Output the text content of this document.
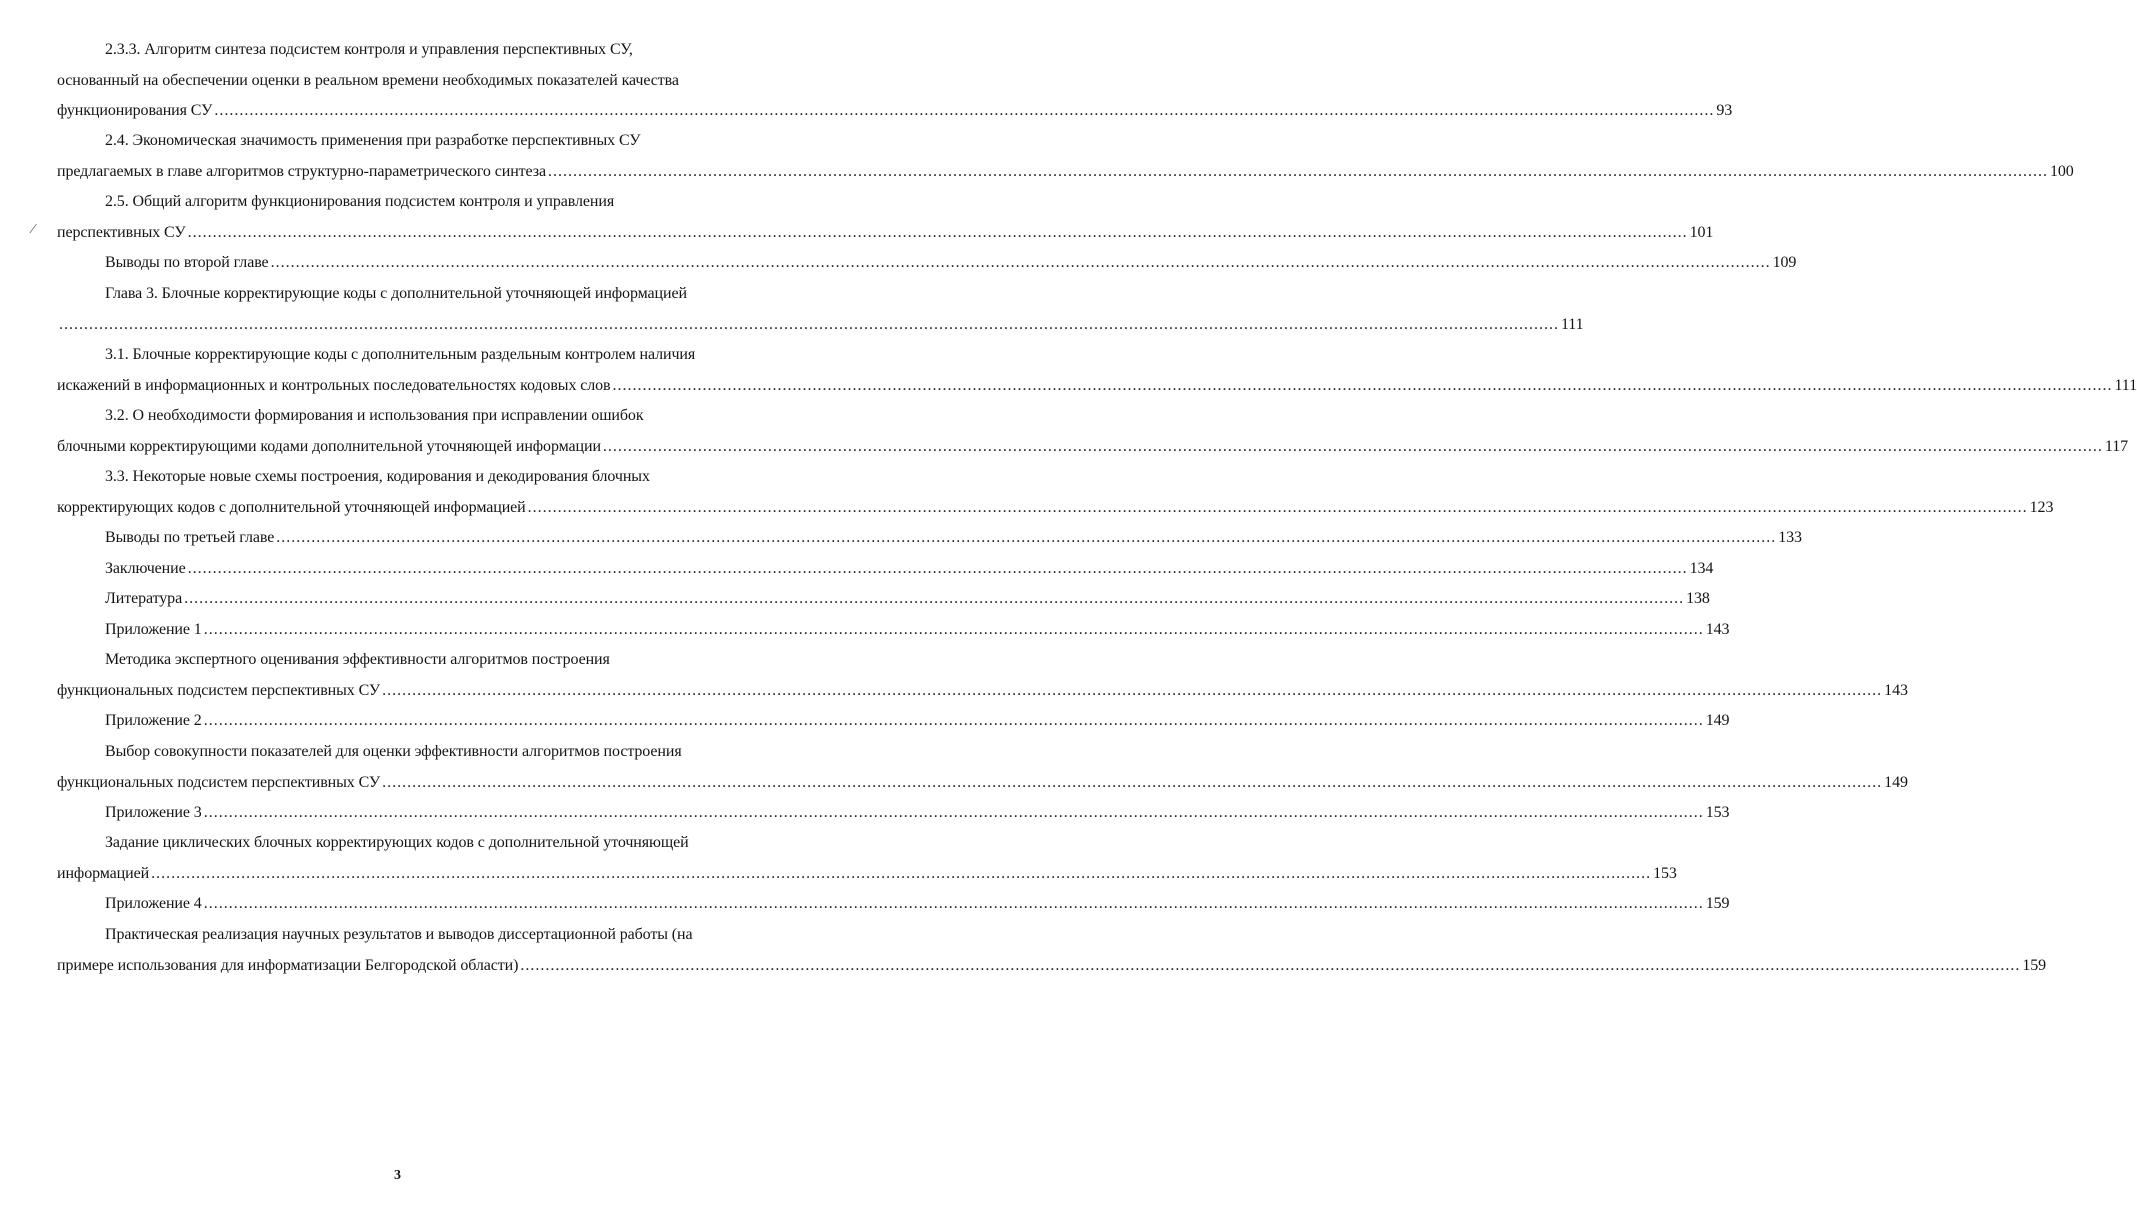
2.3.3. Алгоритм синтеза подсистем контроля и управления перспективных СУ,
основанный на обеспечении оценки в реальном времени необходимых показателей качества
функционирования СУ ............................................................................................................................................................................................................................................................................................................ 93
2.4. Экономическая значимость применения при разработке перспективных СУ
предлагаемых в главе алгоритмов структурно-параметрического синтеза ............................................................................................................................................................................................................................................................................................................ 100
2.5. Общий алгоритм функционирования подсистем контроля и управления
перспективных СУ ............................................................................................................................................................................................................................................................................................................ 101
Выводы по второй главе ............................................................................................................................................................................................................................................................................................................ 109
Глава 3. Блочные корректирующие коды с дополнительной уточняющей информацией
............................................................................................................................................................................................................................................................................................................ 111
3.1. Блочные корректирующие коды с дополнительным раздельным контролем наличия
искажений в информационных и контрольных последовательностях кодовых слов ............................................................................................................................................................................................................................................................................................................ 111
3.2. О необходимости формирования и использования при исправлении ошибок
блочными корректирующими кодами дополнительной уточняющей информации ............................................................................................................................................................................................................................................................................................................ 117
3.3. Некоторые новые схемы построения, кодирования и декодирования блочных
корректирующих кодов с дополнительной уточняющей информацией ............................................................................................................................................................................................................................................................................................................ 123
Выводы по третьей главе ............................................................................................................................................................................................................................................................................................................ 133
Заключение ............................................................................................................................................................................................................................................................................................................ 134
Литература ............................................................................................................................................................................................................................................................................................................ 138
Приложение 1 ............................................................................................................................................................................................................................................................................................................ 143
Методика экспертного оценивания эффективности алгоритмов построения
функциональных подсистем перспективных СУ ............................................................................................................................................................................................................................................................................................................ 143
Приложение 2 ............................................................................................................................................................................................................................................................................................................ 149
Выбор совокупности показателей для оценки эффективности алгоритмов построения
функциональных подсистем перспективных СУ ............................................................................................................................................................................................................................................................................................................ 149
Приложение 3 ............................................................................................................................................................................................................................................................................................................ 153
Задание циклических блочных корректирующих кодов с дополнительной уточняющей
информацией ............................................................................................................................................................................................................................................................................................................ 153
Приложение 4 ............................................................................................................................................................................................................................................................................................................ 159
Практическая реализация научных результатов и выводов диссертационной работы (на
примере использования для информатизации Белгородской области) ............................................................................................................................................................................................................................................................................................................ 159
⁄
3
